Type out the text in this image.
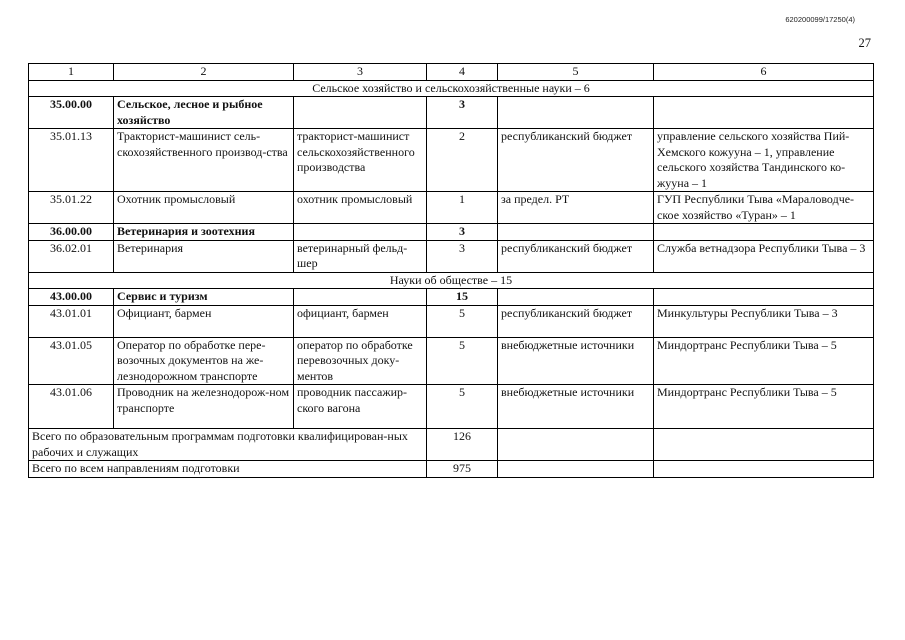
620200099/17250(4)
27
1	2	3	4	5	6
Сельское хозяйство и сельскохозяйственные науки – 6					
35.00.00	Сельское, лесное и рыбное хозяйство		3		
35.01.13	Тракторист-машинист сель-скохозяйственного производ-ства	тракторист-машинист сельскохозяйственного производства	2	республиканский бюджет	управление сельского хозяйства Пий-Хемского кожууна – 1, управление сельского хозяйства Тандинского ко-жууна – 1
35.01.22	Охотник промысловый	охотник промысловый	1	за предел. РТ	ГУП Республики Тыва «Мараловодче-ское хозяйство «Туран» – 1
36.00.00	Ветеринария и зоотехния		3		
36.02.01	Ветеринария	ветеринарный фельд-шер	3	республиканский бюджет	Служба ветнадзора Республики Тыва – 3
Науки об обществе – 15					
43.00.00	Сервис и туризм		15		
43.01.01	Официант, бармен	официант, бармен	5	республиканский бюджет	Минкультуры Республики Тыва – 3
43.01.05	Оператор по обработке пере-возочных документов на же-лезнодорожном транспорте	оператор по обработке перевозочных доку-ментов	5	внебюджетные источники	Миндортранс Республики Тыва – 5
43.01.06	Проводник на железнодорож-ном транспорте	проводник пассажир-ского вагона	5	внебюджетные источники	Миндортранс Республики Тыва – 5
Всего по образовательным программам подготовки квалифицирован-ных рабочих и служащих			126		
Всего по всем направлениям подготовки			975		
